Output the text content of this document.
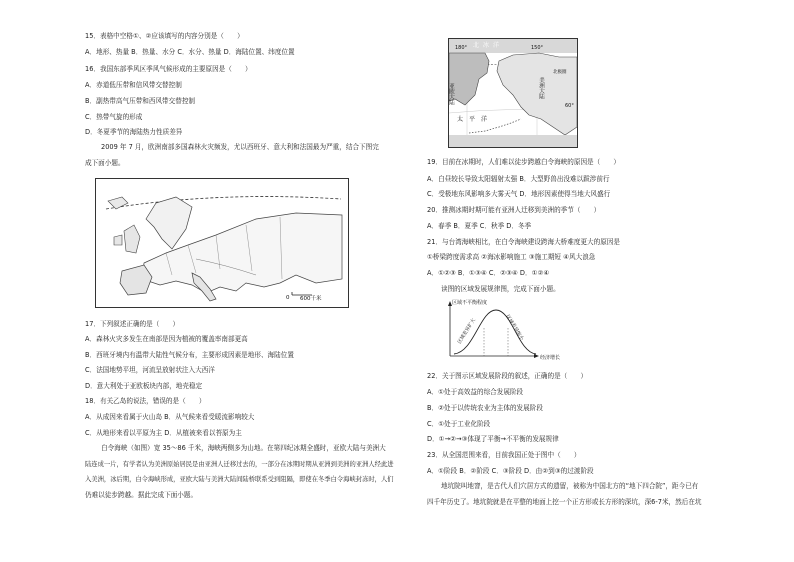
15．表格中空格①、②应该填写的内容分别是（　　）
A．地形、热量 B．热量、水分 C．水分、热量 D．海陆位置、纬度位置
16．我国东部季风区季风气候形成的主要原因是（　　）
A．赤道低压带和信风带交替控制
B．副热带高气压带和西风带交替控制
C．热带气旋的形成
D．冬夏季节的海陆热力性质差异
2009 年 7 月，欧洲南部多国森林火灾频发，尤以西班牙、意大利和法国最为严重，结合下图完
成下面小题。
0 600千米
17．下列叙述正确的是（　　）
A．森林火灾多发生在南部是因为植被的覆盖率南部更高
B．西班牙境内有温带大陆性气候分布，主要形成因素是地形、海陆位置
C．法国地势平坦，河流呈放射状注入大西洋
D．意大利处于亚欧板块内部，地壳稳定
18．有关乙岛的说法，错误的是（　　）
A．从成因来看属于火山岛 B．从气候来看受暖流影响较大
C．从地形来看以平原为主 D．从植被来看以苔原为主
白令海峡（如图）宽 35～86 千米，海峡两侧多为山地。在第四纪冰期全盛时，亚欧大陆与美洲大
陆连成一片，有学者认为美洲原始居民是由亚洲人迁移过去的，一部分在冰期时期从亚洲到美洲的亚洲人经此进
入美洲，冰后期，白令海峡形成，亚欧大陆与美洲大陆间陆桥联系受到阻隔，即使在冬季白令海峡封冻时，人们
仍难以徒步跨越。据此完成下面小题。
180°	150°
北极圈
60°
北冰洋
亚欧大陆	美洲大陆
太平洋
19．目前在冰期时，人们难以徒步跨越白令海峡的原因是（　　）
A．白昼较长导致太阳辐射太强 B．大型野兽出没难以跋涉前行
C．受极地东风影响多大雾天气 D．地形因素使得当地大风盛行
20．推测冰期时期可能有亚洲人迁移到美洲的季节（　　）
A．春季 B．夏季 C．秋季 D．冬季
21．与台湾海峡相比，在白令海峡建设跨海大桥难度更大的原因是
①桥梁跨度需求高 ②海冰影响施工 ③施工期短 ④风大浪急
A．①②③ B．①③④ C．②③④ D．①②④
读图的区域发展规律图，完成下面小题。
区域不平衡程度
经济增长
区域差异扩大	区域差异缩小
22．关于图示区域发展阶段的叙述，正确的是（　　）
A．①处于高效益的综合发展阶段
B．②处于以传统农业为主体的发展阶段
C．①处于工业化阶段
D．①→②→③体现了平衡→不平衡的发展规律
23．从全国范围来看，目前我国正处于图中（　　）
A．①阶段 B．②阶段 C．③阶段 D．由②到③的过渡阶段
地坑院叫地窨，是古代人们穴居方式的遗留，被称为中国北方的“地下四合院”，距今已有
四千年历史了。地坑院就是在平整的地面上挖一个正方形或长方形的深坑，深6-7米，然后在坑
